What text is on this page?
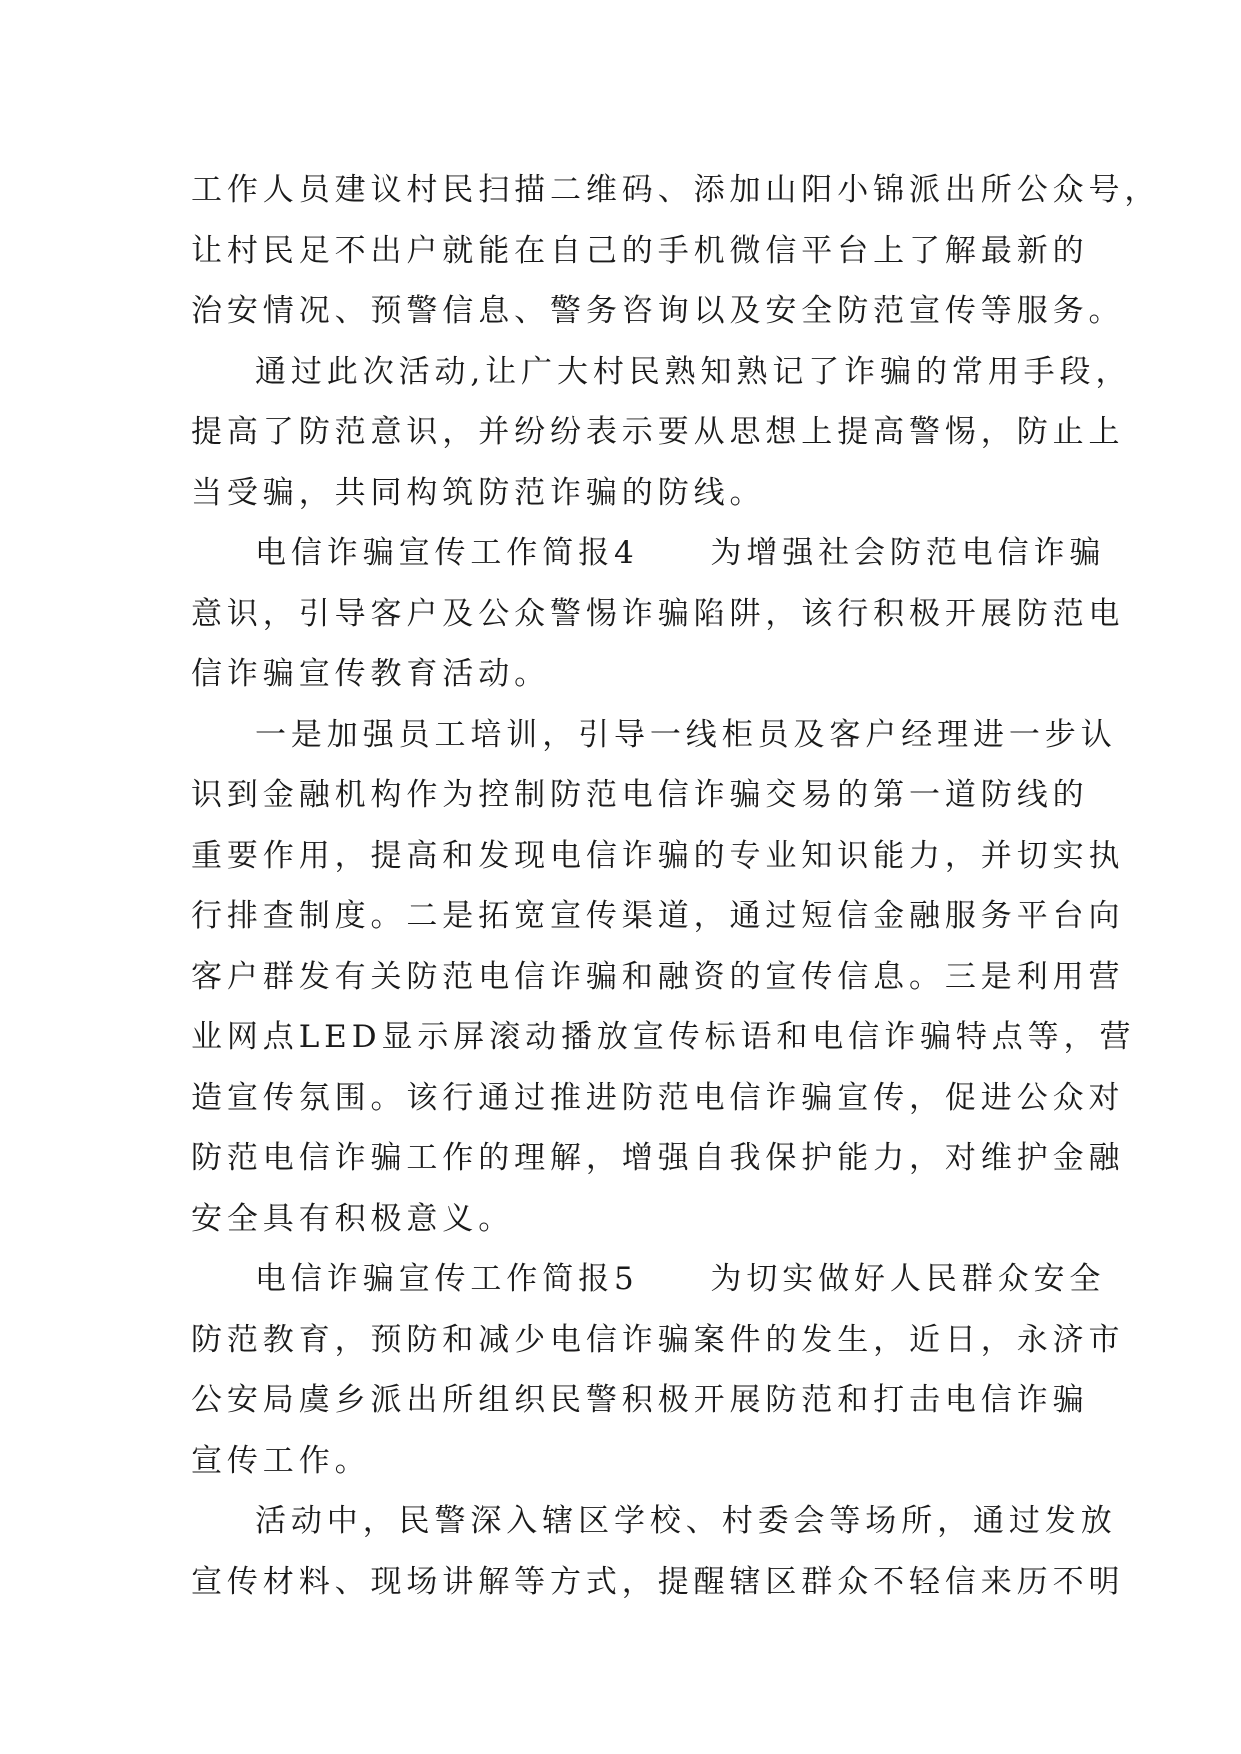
工作人员建议村民扫描二维码、添加山阳小锦派出所公众号，
让村民足不出户就能在自己的手机微信平台上了解最新的
治安情况、预警信息、警务咨询以及安全防范宣传等服务。
通过此次活动,让广大村民熟知熟记了诈骗的常用手段，
提高了防范意识，并纷纷表示要从思想上提高警惕，防止上
当受骗，共同构筑防范诈骗的防线。
电信诈骗宣传工作简报4　　为增强社会防范电信诈骗
意识，引导客户及公众警惕诈骗陷阱，该行积极开展防范电
信诈骗宣传教育活动。
一是加强员工培训，引导一线柜员及客户经理进一步认
识到金融机构作为控制防范电信诈骗交易的第一道防线的
重要作用，提高和发现电信诈骗的专业知识能力，并切实执
行排查制度。二是拓宽宣传渠道，通过短信金融服务平台向
客户群发有关防范电信诈骗和融资的宣传信息。三是利用营
业网点LED显示屏滚动播放宣传标语和电信诈骗特点等，营
造宣传氛围。该行通过推进防范电信诈骗宣传，促进公众对
防范电信诈骗工作的理解，增强自我保护能力，对维护金融
安全具有积极意义。
电信诈骗宣传工作简报5　　为切实做好人民群众安全
防范教育，预防和减少电信诈骗案件的发生，近日，永济市
公安局虞乡派出所组织民警积极开展防范和打击电信诈骗
宣传工作。
活动中，民警深入辖区学校、村委会等场所，通过发放
宣传材料、现场讲解等方式，提醒辖区群众不轻信来历不明
